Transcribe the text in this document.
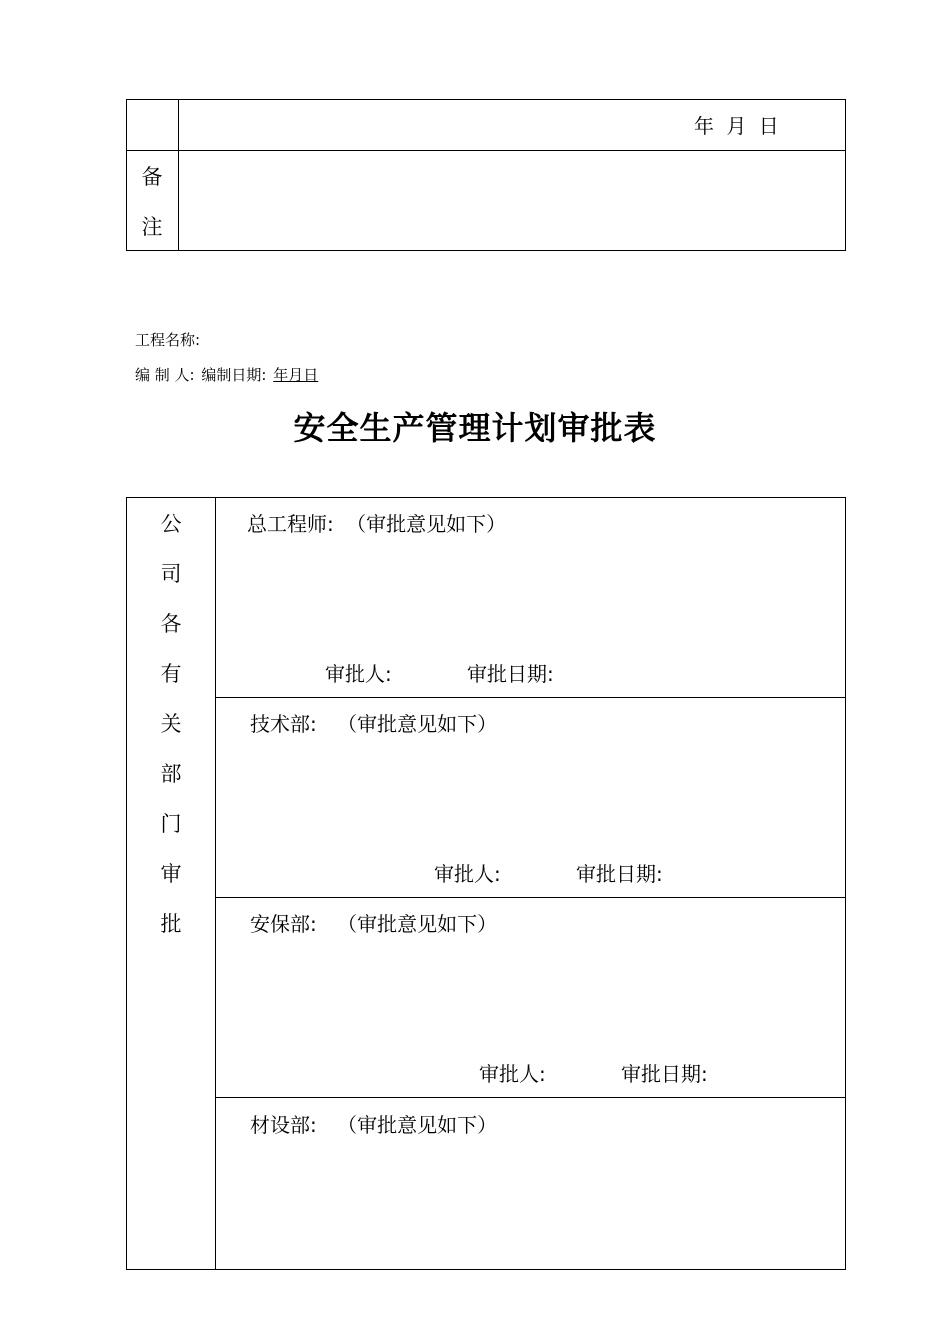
年 月 日
备
注
工程名称:
编 制 人: 编制日期: 年月日
安全生产管理计划审批表
公
司
各
有
关
部
门
审
批
总工程师: （审批意见如下）
审批人:	审批日期:
技术部: （审批意见如下）
审批人:	审批日期:
安保部: （审批意见如下）
审批人:	审批日期:
材设部: （审批意见如下）
